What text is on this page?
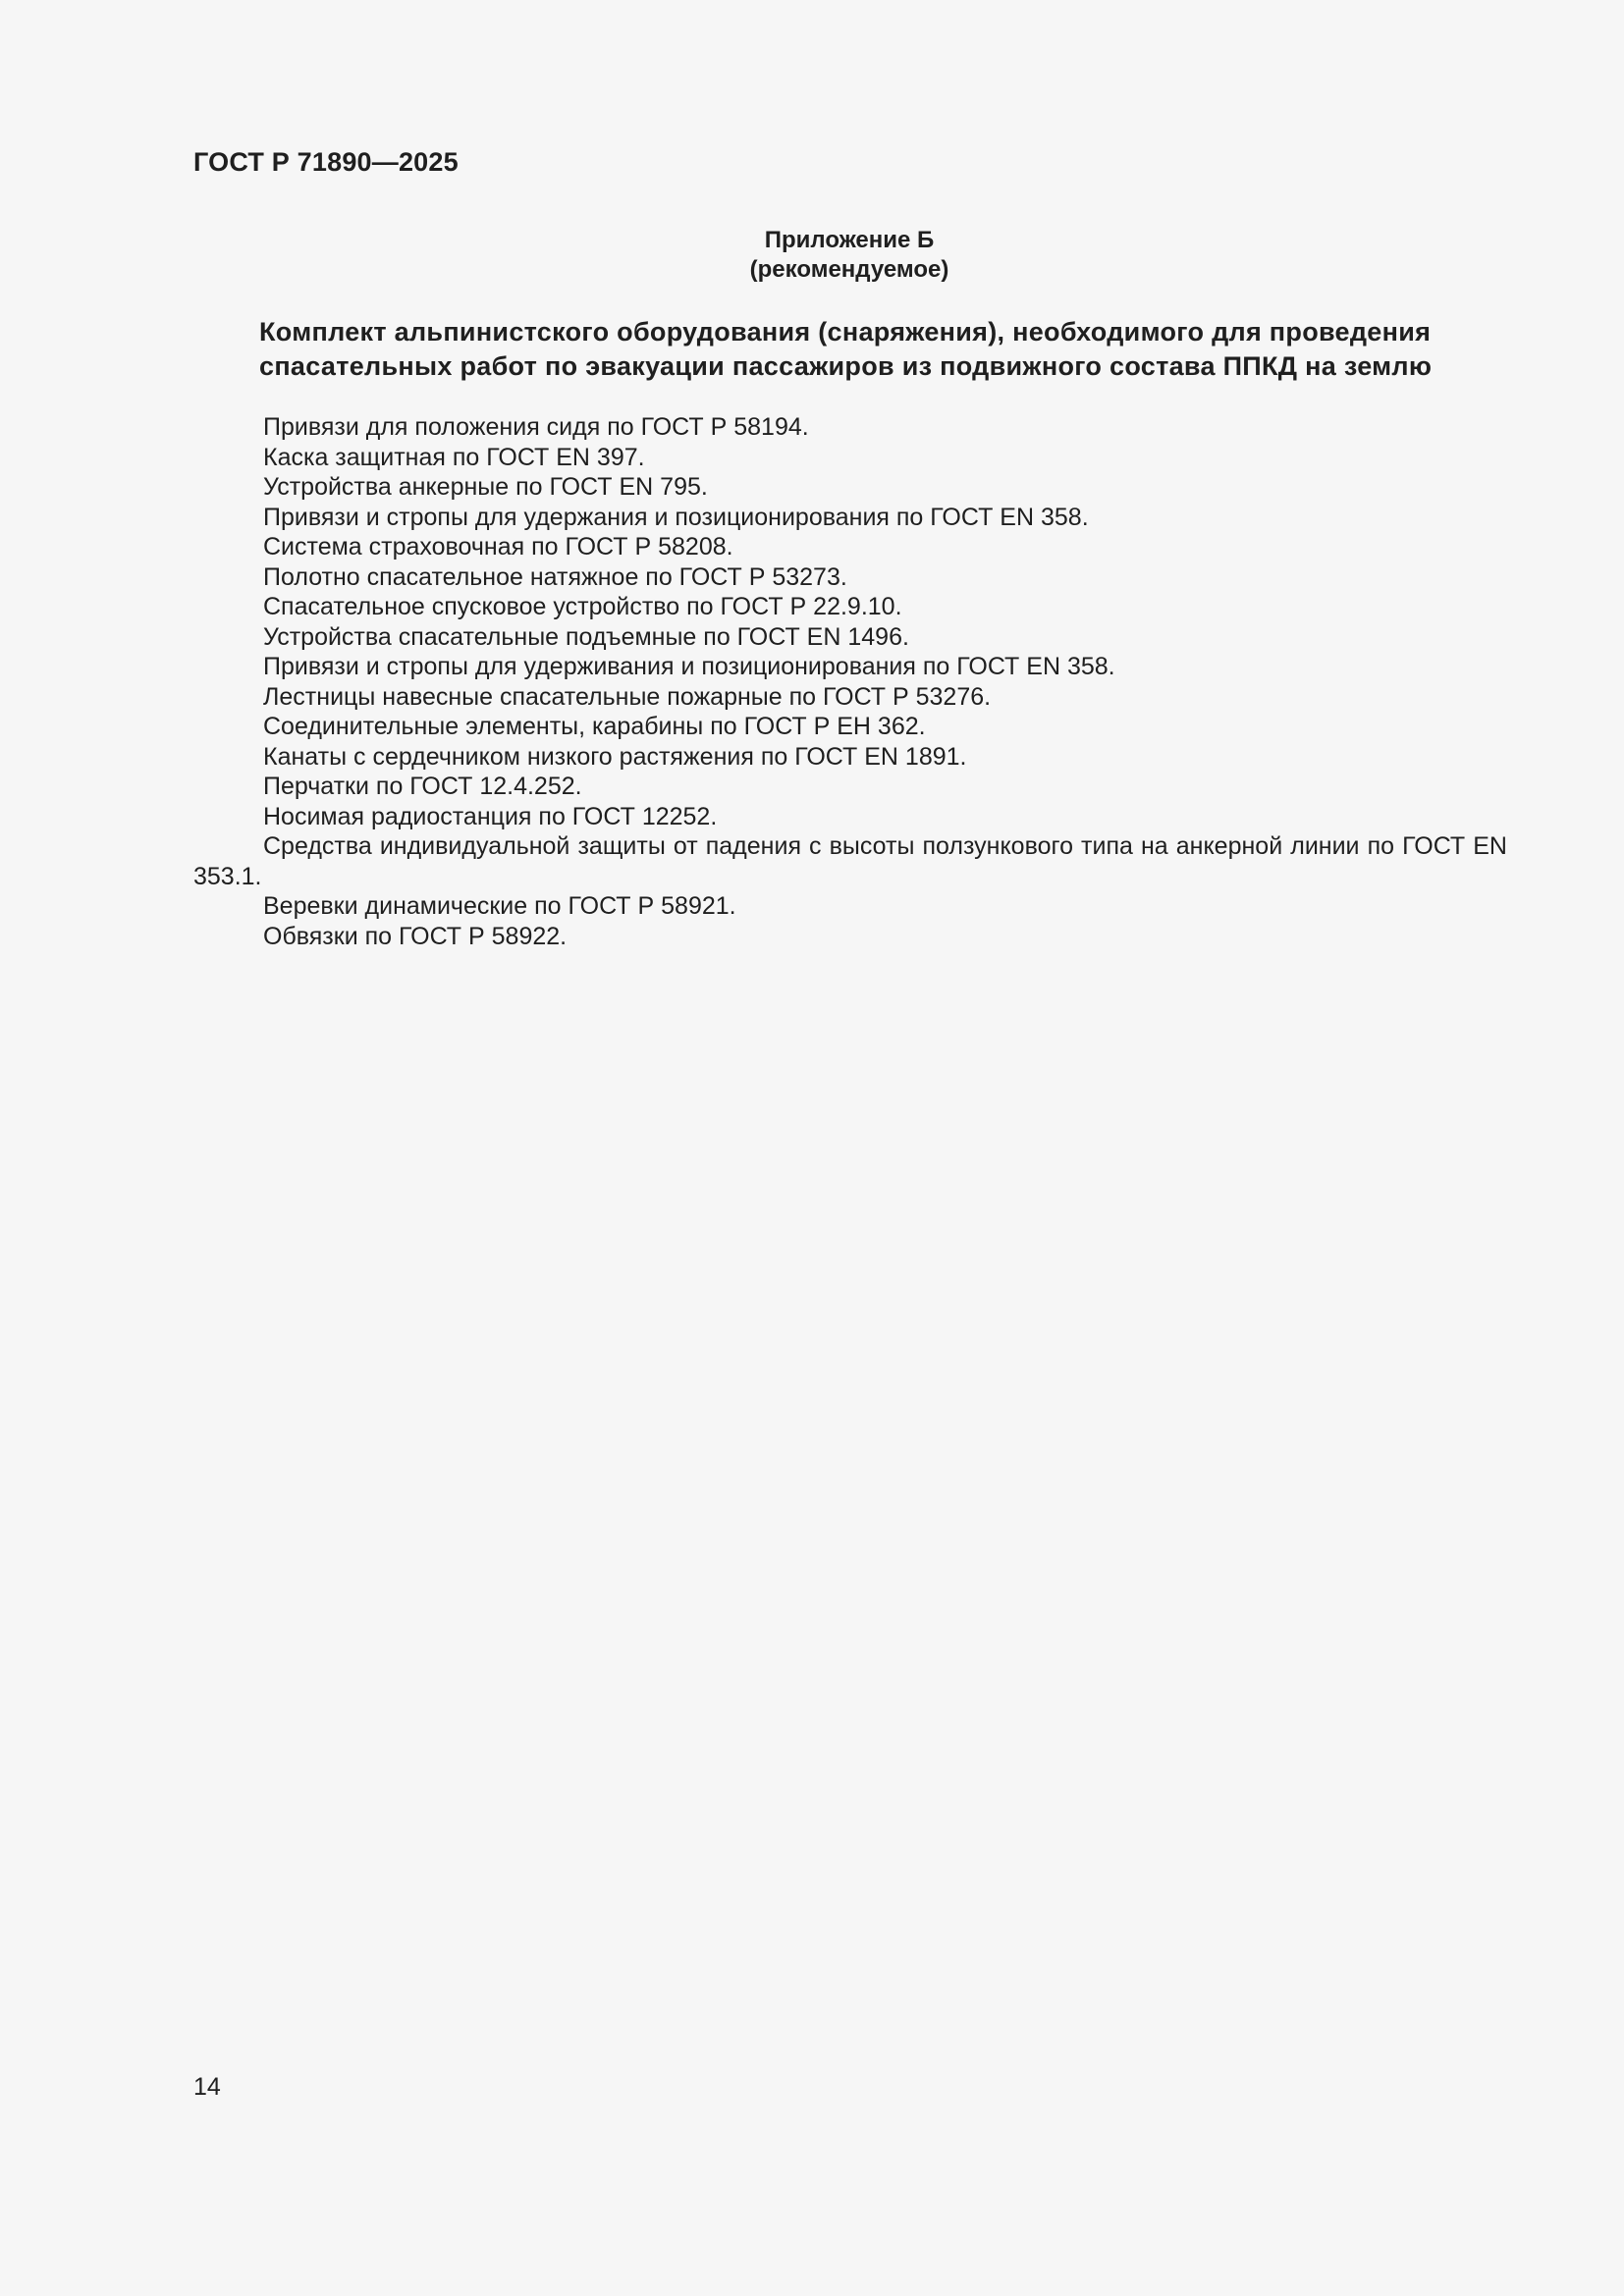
ГОСТ Р 71890—2025
Приложение Б
(рекомендуемое)
Комплект альпинистского оборудования (снаряжения), необходимого для проведения
спасательных работ по эвакуации пассажиров из подвижного состава ППКД на землю

Привязи для положения сидя по ГОСТ Р 58194.

Каска защитная по ГОСТ EN 397.

Устройства анкерные по ГОСТ EN 795.

Привязи и стропы для удержания и позиционирования по ГОСТ EN 358.

Система страховочная по ГОСТ Р 58208.

Полотно спасательное натяжное по ГОСТ Р 53273.

Спасательное спусковое устройство по ГОСТ Р 22.9.10.

Устройства спасательные подъемные по ГОСТ EN 1496.

Привязи и стропы для удерживания и позиционирования по ГОСТ EN 358.

Лестницы навесные спасательные пожарные по ГОСТ Р 53276.

Соединительные элементы, карабины по ГОСТ Р ЕН 362.

Канаты с сердечником низкого растяжения по ГОСТ EN 1891.

Перчатки по ГОСТ 12.4.252.

Носимая радиостанция по ГОСТ 12252.

Средства индивидуальной защиты от падения с высоты ползункового типа на анкерной линии по ГОСТ EN 353.1.

Веревки динамические по ГОСТ Р 58921.

Обвязки по ГОСТ Р 58922.

14
